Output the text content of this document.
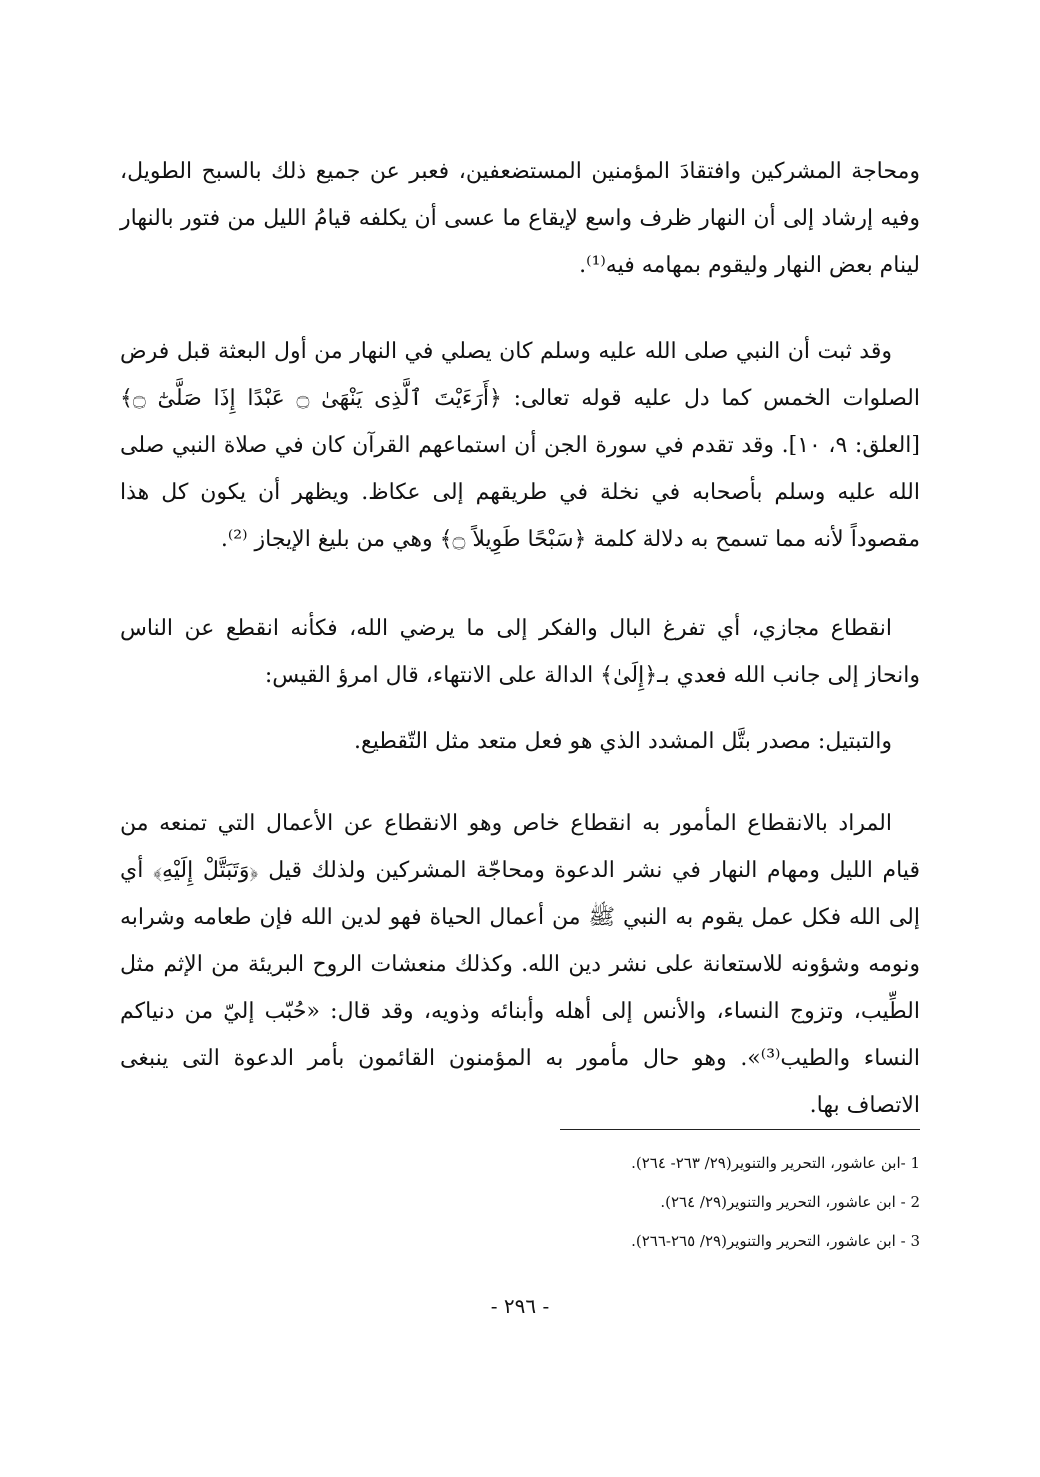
ومحاجة المشركين وافتقادَ المؤمنين المستضعفين، فعبر عن جميع ذلك بالسبح الطويل، وفيه إرشاد إلى أن النهار ظرف واسع لإيقاع ما عسى أن يكلفه قيامُ الليل من فتور بالنهار لينام بعض النهار وليقوم بمهامه فيه⁽¹⁾.

وقد ثبت أن النبي صلى الله عليه وسلم كان يصلي في النهار من أول البعثة قبل فرض الصلوات الخمس كما دل عليه قوله تعالى: ﴿أَرَءَيْتَ ٱلَّذِى يَنْهَىٰ ۝ عَبْدًا إِذَا صَلَّىٰٓ ۝﴾ [العلق: ٩، ١٠]. وقد تقدم في سورة الجن أن استماعهم القرآن كان في صلاة النبي صلى الله عليه وسلم بأصحابه في نخلة في طريقهم إلى عكاظ. ويظهر أن يكون كل هذا مقصوداً لأنه مما تسمح به دلالة كلمة ﴿سَبْحًا طَوِيلاً ۝﴾ وهي من بليغ الإيجاز ⁽²⁾.

انقطاع مجازي، أي تفرغ البال والفكر إلى ما يرضي الله، فكأنه انقطع عن الناس وانحاز إلى جانب الله فعدي بـ﴿إِلَىٰ﴾ الدالة على الانتهاء، قال امرؤ القيس:

والتبتيل: مصدر بتَّل المشدد الذي هو فعل متعد مثل التّقطيع.

المراد بالانقطاع المأمور به انقطاع خاص وهو الانقطاع عن الأعمال التي تمنعه من قيام الليل ومهام النهار في نشر الدعوة ومحاجّة المشركين ولذلك قيل ﴿وَتَبَتَّلْ إِلَيْهِ﴾ أي إلى الله فكل عمل يقوم به النبي ﷺ من أعمال الحياة فهو لدين الله فإن طعامه وشرابه ونومه وشؤونه للاستعانة على نشر دين الله. وكذلك منعشات الروح البريئة من الإثم مثل الطِّيب، وتزوج النساء، والأنس إلى أهله وأبنائه وذويه، وقد قال: «حُبّب إليّ من دنياكم النساء والطيب⁽³⁾». وهو حال مأمور به المؤمنون القائمون بأمر الدعوة التى ينبغى الاتصاف بها.

1 -ابن عاشور، التحرير والتنوير(٢٩/ ٢٦٣- ٢٦٤).

2 - ابن عاشور، التحرير والتنوير(٢٩/ ٢٦٤).

3 - ابن عاشور، التحرير والتنوير(٢٩/ ٢٦٥-٢٦٦).

- ٢٩٦ -
